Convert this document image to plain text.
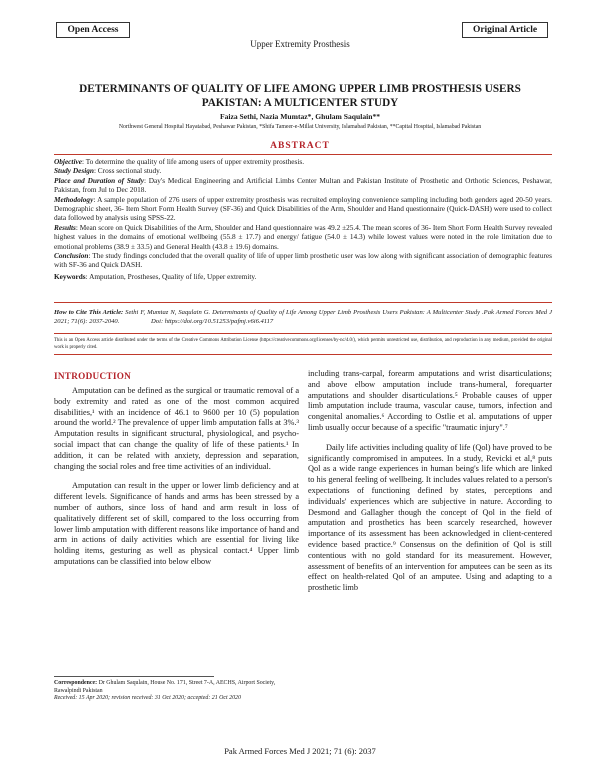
Open Access	Original Article
Upper Extremity Prosthesis
DETERMINANTS OF QUALITY OF LIFE AMONG UPPER LIMB PROSTHESIS USERS PAKISTAN: A MULTICENTER STUDY
Faiza Sethi, Nazia Mumtaz*, Ghulam Saqulain**
Northwest General Hospital Hayatabad, Peshawar Pakistan, *Shifa Tameer-e-Millat University, Islamabad Pakistan, **Capital Hospital, Islamabad Pakistan
ABSTRACT
Objective: To determine the quality of life among users of upper extremity prosthesis.
Study Design: Cross sectional study.
Place and Duration of Study: Day's Medical Engineering and Artificial Limbs Center Multan and Pakistan Institute of Prosthetic and Orthotic Sciences, Peshawar, Pakistan, from Jul to Dec 2018.
Methodology: A sample population of 276 users of upper extremity prosthesis was recruited employing convenience sampling including both genders aged 20-50 years. Demographic sheet, 36- Item Short Form Health Survey (SF-36) and Quick Disabilities of the Arm, Shoulder and Hand questionnaire (Quick-DASH) were used to collect data followed by analysis using SPSS-22.
Results: Mean score on Quick Disabilities of the Arm, Shoulder and Hand questionnaire was 49.2 ±25.4. The mean scores of 36- Item Short Form Health Survey revealed highest values in the domains of emotional wellbeing (55.8 ± 17.7) and energy/ fatigue (54.0 ± 14.3) while lowest values were noted in the role limitation due to emotional problems (38.9 ± 33.5) and General Health (43.8 ± 19.6) domains.
Conclusion: The study findings concluded that the overall quality of life of upper limb prosthetic user was low along with significant association of demographic features with SF-36 and Quick DASH.
Keywords: Amputation, Prostheses, Quality of life, Upper extremity.
How to Cite This Article: Sethi F, Mumtaz N, Saqulain G. Determinants of Quality of Life Among Upper Limb Prosthesis Users Pakistan: A Multicenter Study .Pak Armed Forces Med J 2021; 71(6): 2037-2040.	Doi: https://doi.org/10.51253/pafmj.v6i6.4117
This is an Open Access article distributed under the terms of the Creative Commons Attribution License (https://creativecommons.org/licenses/by-nc/4.0/), which permits unrestricted use, distribution, and reproduction in any medium, provided the original work is properly cited.
INTRODUCTION

Amputation can be defined as the surgical or traumatic removal of a body extremity and rated as one of the most common acquired disabilities,¹ with an incidence of 46.1 to 9600 per 10 (5) population around the world.² The prevalence of upper limb amputation falls at 3%.³ Amputation results in significant structural, physiological, and psycho-social impact that can change the quality of life of these patients.¹ In addition, it can be related with anxiety, depression and separation, changing the social roles and free time activities of an individual.

Amputation can result in the upper or lower limb deficiency and at different levels. Significance of hands and arms has been stressed by a number of authors, since loss of hand and arm result in loss of qualitatively different set of skill, compared to the loss occurring from lower limb amputation with different reasons like importance of hand and arm in actions of daily activities which are essential for living like holding items, gesturing as well as physical contact.⁴ Upper limb amputations can be classified into below elbow

including trans-carpal, forearm amputations and wrist disarticulations; and above elbow amputation include trans-humeral, forequarter amputations and shoulder disarticulations.⁵ Probable causes of upper limb amputation include trauma, vascular cause, tumors, infection and congenital anomalies.⁶ According to Ostlie et al. amputations of upper limb usually occur because of a specific "traumatic injury".⁷

Daily life activities including quality of life (Qol) have proved to be significantly compromised in amputees. In a study, Revicki et al,⁸ puts Qol as a wide range experiences in human being's life which are linked to his general feeling of wellbeing. It includes values related to a person's expectations of functioning defined by states, perceptions and individuals' experiences which are subjective in nature. According to Desmond and Gallagher though the concept of Qol in the field of amputation and prosthetics has been scarcely researched, however importance of its assessment has been acknowledged in client-centered evidence based practice.⁹ Consensus on the definition of Qol is still contentious with no gold standard for its measurement. However, assessment of benefits of an intervention for amputees can be seen as its effect on health-related Qol of an amputee. Using and adapting to a prosthetic limb

Correspondence: Dr Ghulam Saqulain, House No. 171, Street 7-A, AECHS, Airport Society, Rawalpindi Pakistan
Received: 15 Apr 2020; revision received: 31 Oct 2020; accepted: 21 Oct 2020
Pak Armed Forces Med J 2021; 71 (6): 2037
